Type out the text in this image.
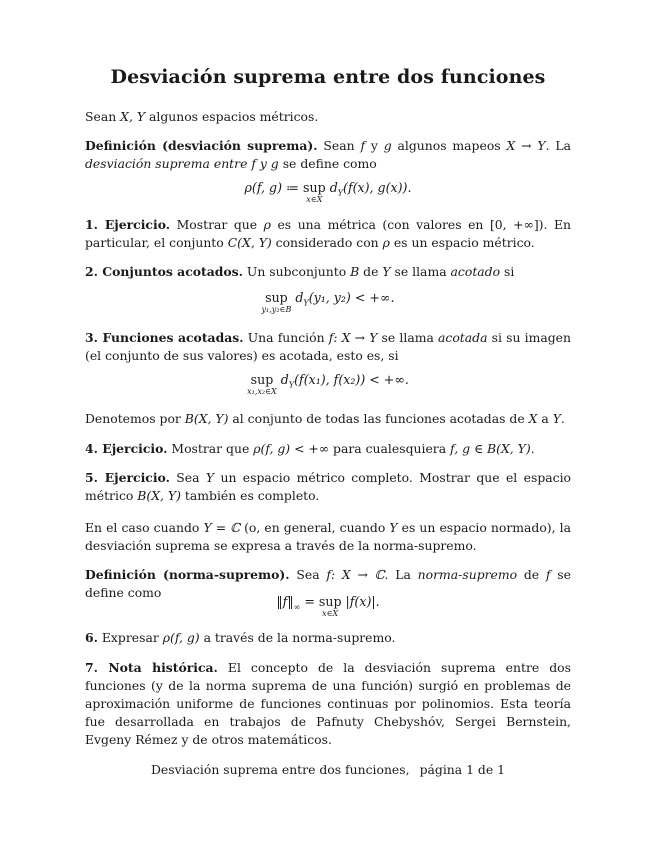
Desviación suprema entre dos funciones
Sean X, Y algunos espacios métricos.
Definición (desviación suprema). Sean f y g algunos mapeos X → Y. La desviación suprema entre f y g se define como
ρ(f, g) ≔ sup
x∈X
$d_Y(f(x)$, g(x)).
1. Ejercicio. Mostrar que ρ es una métrica (con valores en [0, +∞]). En particular, el conjunto C(X, Y) considerado con ρ es un espacio métrico.
2. Conjuntos acotados. Un subconjunto B de Y se llama acotado si
sup
y₁,y₂∈B
$d_Y(y_1$, y₂) < +∞.
3. Funciones acotadas. Una función f: X → Y se llama acotada si su imagen (el conjunto de sus valores) es acotada, esto es, si
sup
x₁,x₂∈X
$d_Y(f(x_1)$, f(x₂)) < +∞.
Denotemos por B(X, Y) al conjunto de todas las funciones acotadas de X a Y.
4. Ejercicio. Mostrar que ρ(f, g) < +∞ para cualesquiera f, g ∈ B(X, Y).
5. Ejercicio. Sea Y un espacio métrico completo. Mostrar que el espacio métrico B(X, Y) también es completo.
En el caso cuando Y = ℂ (o, en general, cuando Y es un espacio normado), la desviación suprema se expresa a través de la norma-supremo.
Definición (norma-supremo). Sea f: X → ℂ. La norma-supremo de f se define como
$‖f‖_\infty$ = sup
x∈X
|f(x)|.
6. Expresar ρ(f, g) a través de la norma-supremo.
7. Nota histórica. El concepto de la desviación suprema entre dos funciones (y de la norma suprema de una función) surgió en problemas de aproximación uniforme de funciones continuas por polinomios. Esta teoría fue desarrollada en trabajos de Pafnuty Chebyshóv, Sergei Bernstein, Evgeny Rémez y de otros matemáticos.
Desviación suprema entre dos funciones, página 1 de 1
